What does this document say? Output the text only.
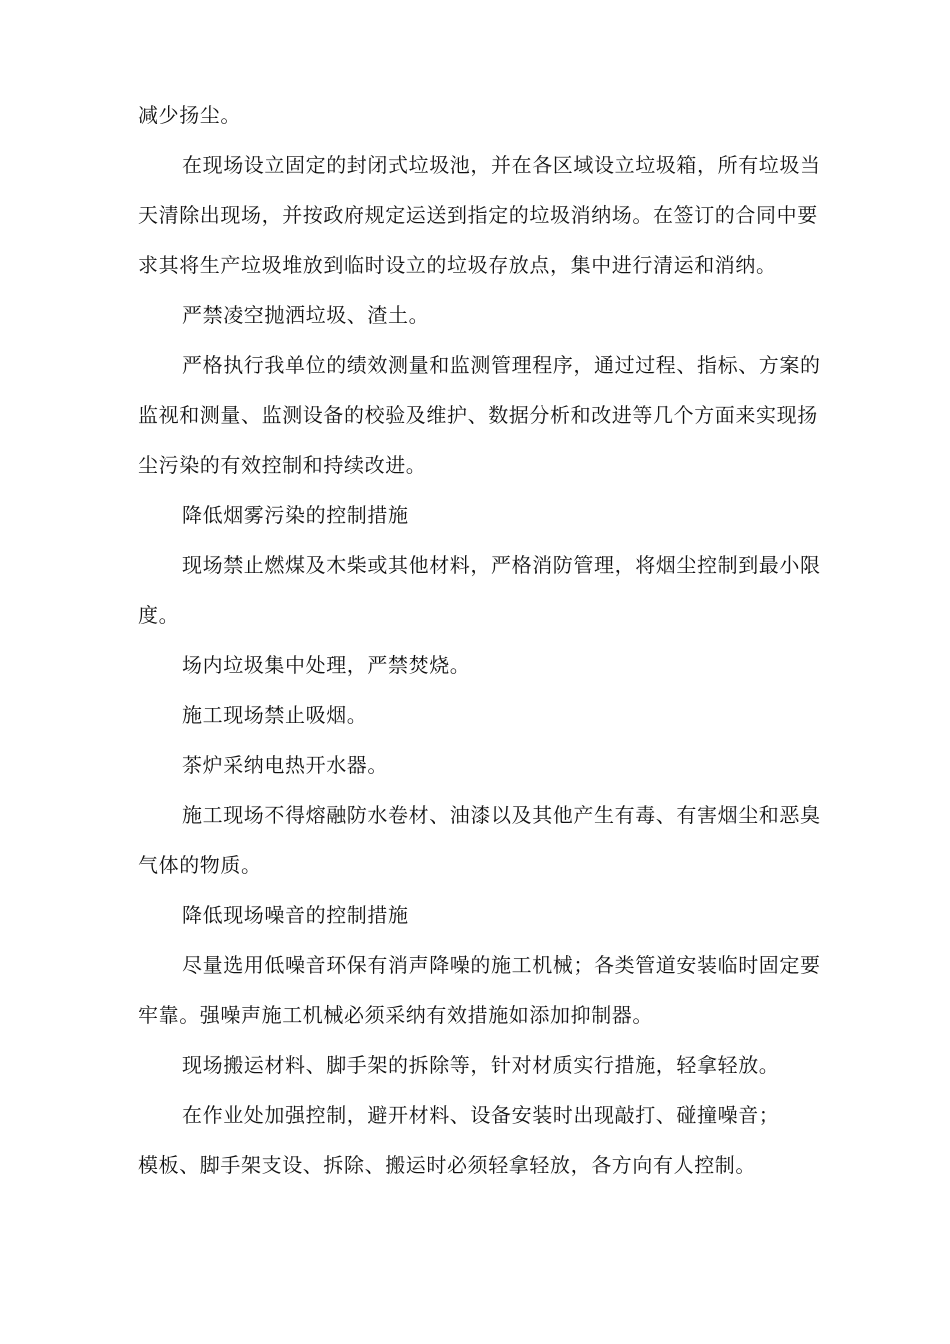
减少扬尘。

在现场设立固定的封闭式垃圾池，并在各区域设立垃圾箱，所有垃圾当

天清除出现场，并按政府规定运送到指定的垃圾消纳场。在签订的合同中要

求其将生产垃圾堆放到临时设立的垃圾存放点，集中进行清运和消纳。

严禁凌空抛洒垃圾、渣土。

严格执行我单位的绩效测量和监测管理程序，通过过程、指标、方案的

监视和测量、监测设备的校验及维护、数据分析和改进等几个方面来实现扬

尘污染的有效控制和持续改进。

降低烟雾污染的控制措施

现场禁止燃煤及木柴或其他材料，严格消防管理，将烟尘控制到最小限

度。

场内垃圾集中处理，严禁焚烧。

施工现场禁止吸烟。

茶炉采纳电热开水器。

施工现场不得熔融防水卷材、油漆以及其他产生有毒、有害烟尘和恶臭

气体的物质。

降低现场噪音的控制措施

尽量选用低噪音环保有消声降噪的施工机械；各类管道安装临时固定要

牢靠。强噪声施工机械必须采纳有效措施如添加抑制器。

现场搬运材料、脚手架的拆除等，针对材质实行措施，轻拿轻放。

在作业处加强控制，避开材料、设备安装时出现敲打、碰撞噪音；

模板、脚手架支设、拆除、搬运时必须轻拿轻放，各方向有人控制。
